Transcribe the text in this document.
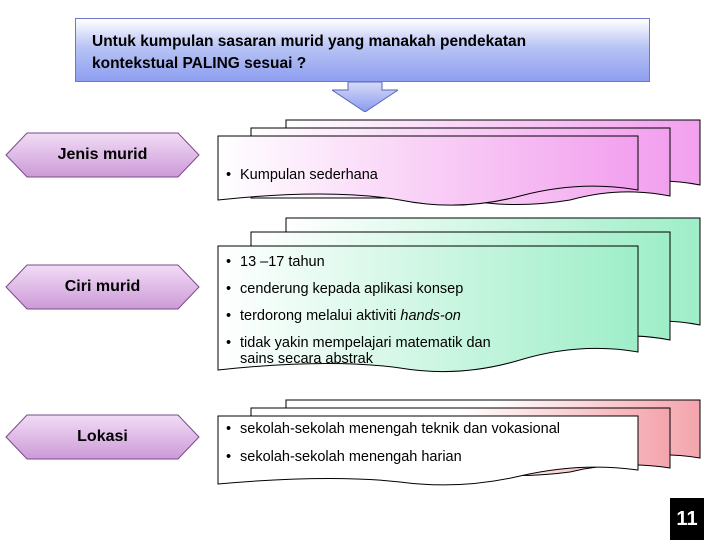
Untuk kumpulan sasaran murid yang manakah pendekatan
kontekstual PALING sesuai ?
Jenis murid
Ciri murid
Lokasi
• Kumpulan sederhana
• 13 –17 tahun
• cenderung kepada aplikasi konsep
• terdorong melalui aktiviti hands-on
• tidak yakin mempelajari matematik dan
sains secara abstrak
• sekolah-sekolah menengah teknik dan vokasional
• sekolah-sekolah menengah harian
11
